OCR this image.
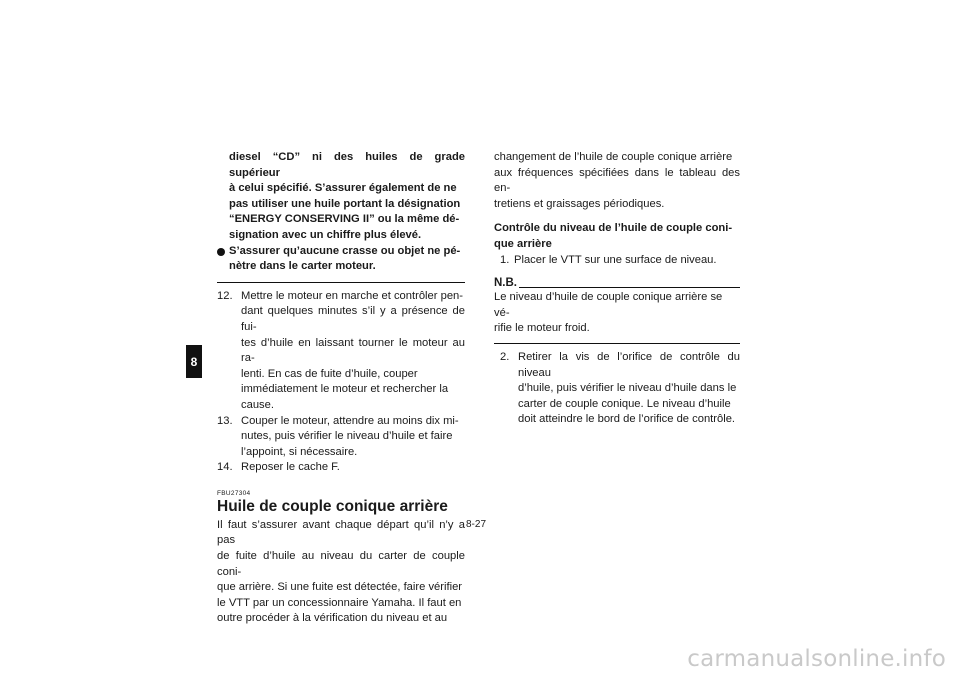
8
diesel “CD” ni des huiles de grade supérieur
à celui spécifié. S’assurer également de ne
pas utiliser une huile portant la désignation
“ENERGY CONSERVING II” ou la même dé-
signation avec un chiffre plus élevé.
S’assurer qu’aucune crasse ou objet ne pé-
nètre dans le carter moteur.
12. Mettre le moteur en marche et contrôler pen-
dant quelques minutes s’il y a présence de fui-
tes d’huile en laissant tourner le moteur au ra-
lenti. En cas de fuite d’huile, couper
immédiatement le moteur et rechercher la
cause.
13. Couper le moteur, attendre au moins dix mi-
nutes, puis vérifier le niveau d’huile et faire
l’appoint, si nécessaire.
14. Reposer le cache F.
FBU27304
Huile de couple conique arrière
Il faut s’assurer avant chaque départ qu’il n’y a pas
de fuite d’huile au niveau du carter de couple coni-
que arrière. Si une fuite est détectée, faire vérifier
le VTT par un concessionnaire Yamaha. Il faut en
outre procéder à la vérification du niveau et au
changement de l’huile de couple conique arrière
aux fréquences spécifiées dans le tableau des en-
tretiens et graissages périodiques.
Contrôle du niveau de l’huile de couple coni-
que arrière
1. Placer le VTT sur une surface de niveau.
N.B.
Le niveau d’huile de couple conique arrière se vé-
rifie le moteur froid.
2. Retirer la vis de l’orifice de contrôle du niveau
d’huile, puis vérifier le niveau d’huile dans le
carter de couple conique. Le niveau d’huile
doit atteindre le bord de l’orifice de contrôle.
8-27
carmanualsonline.info
